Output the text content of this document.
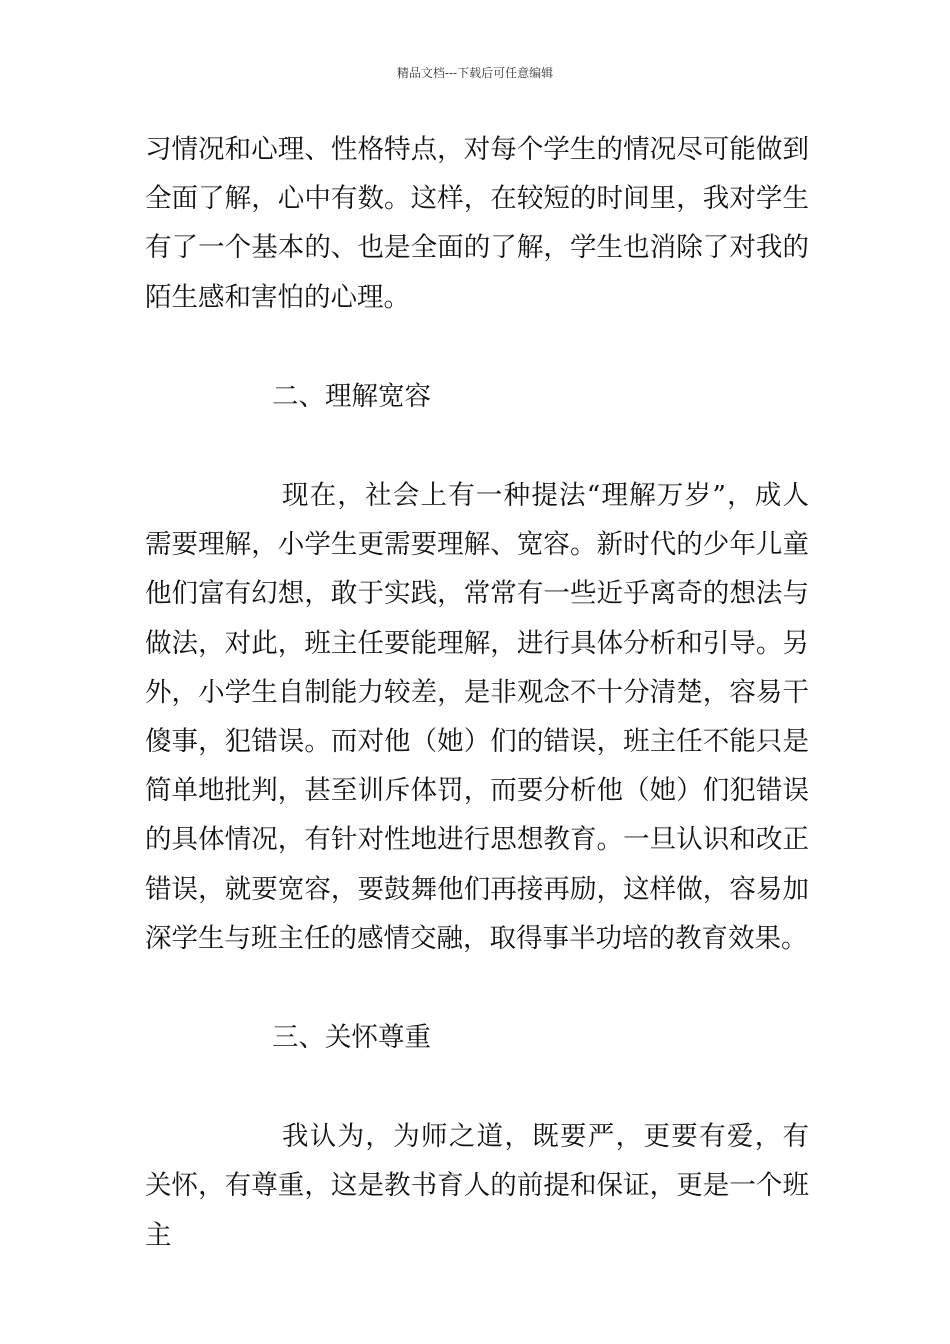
精品文档---下载后可任意编辑

习情况和心理、性格特点，对每个学生的情况尽可能做到全面了解，心中有数。这样，在较短的时间里，我对学生有了一个基本的、也是全面的了解，学生也消除了对我的陌生感和害怕的心理。

二、理解宽容

现在，社会上有一种提法“理解万岁”，成人需要理解，小学生更需要理解、宽容。新时代的少年儿童他们富有幻想，敢于实践，常常有一些近乎离奇的想法与做法，对此，班主任要能理解，进行具体分析和引导。另外，小学生自制能力较差，是非观念不十分清楚，容易干傻事，犯错误。而对他（她）们的错误，班主任不能只是简单地批判，甚至训斥体罚，而要分析他（她）们犯错误的具体情况，有针对性地进行思想教育。一旦认识和改正错误，就要宽容，要鼓舞他们再接再励，这样做，容易加深学生与班主任的感情交融，取得事半功培的教育效果。

三、关怀尊重

我认为，为师之道，既要严，更要有爱，有关怀，有尊重，这是教书育人的前提和保证，更是一个班主
